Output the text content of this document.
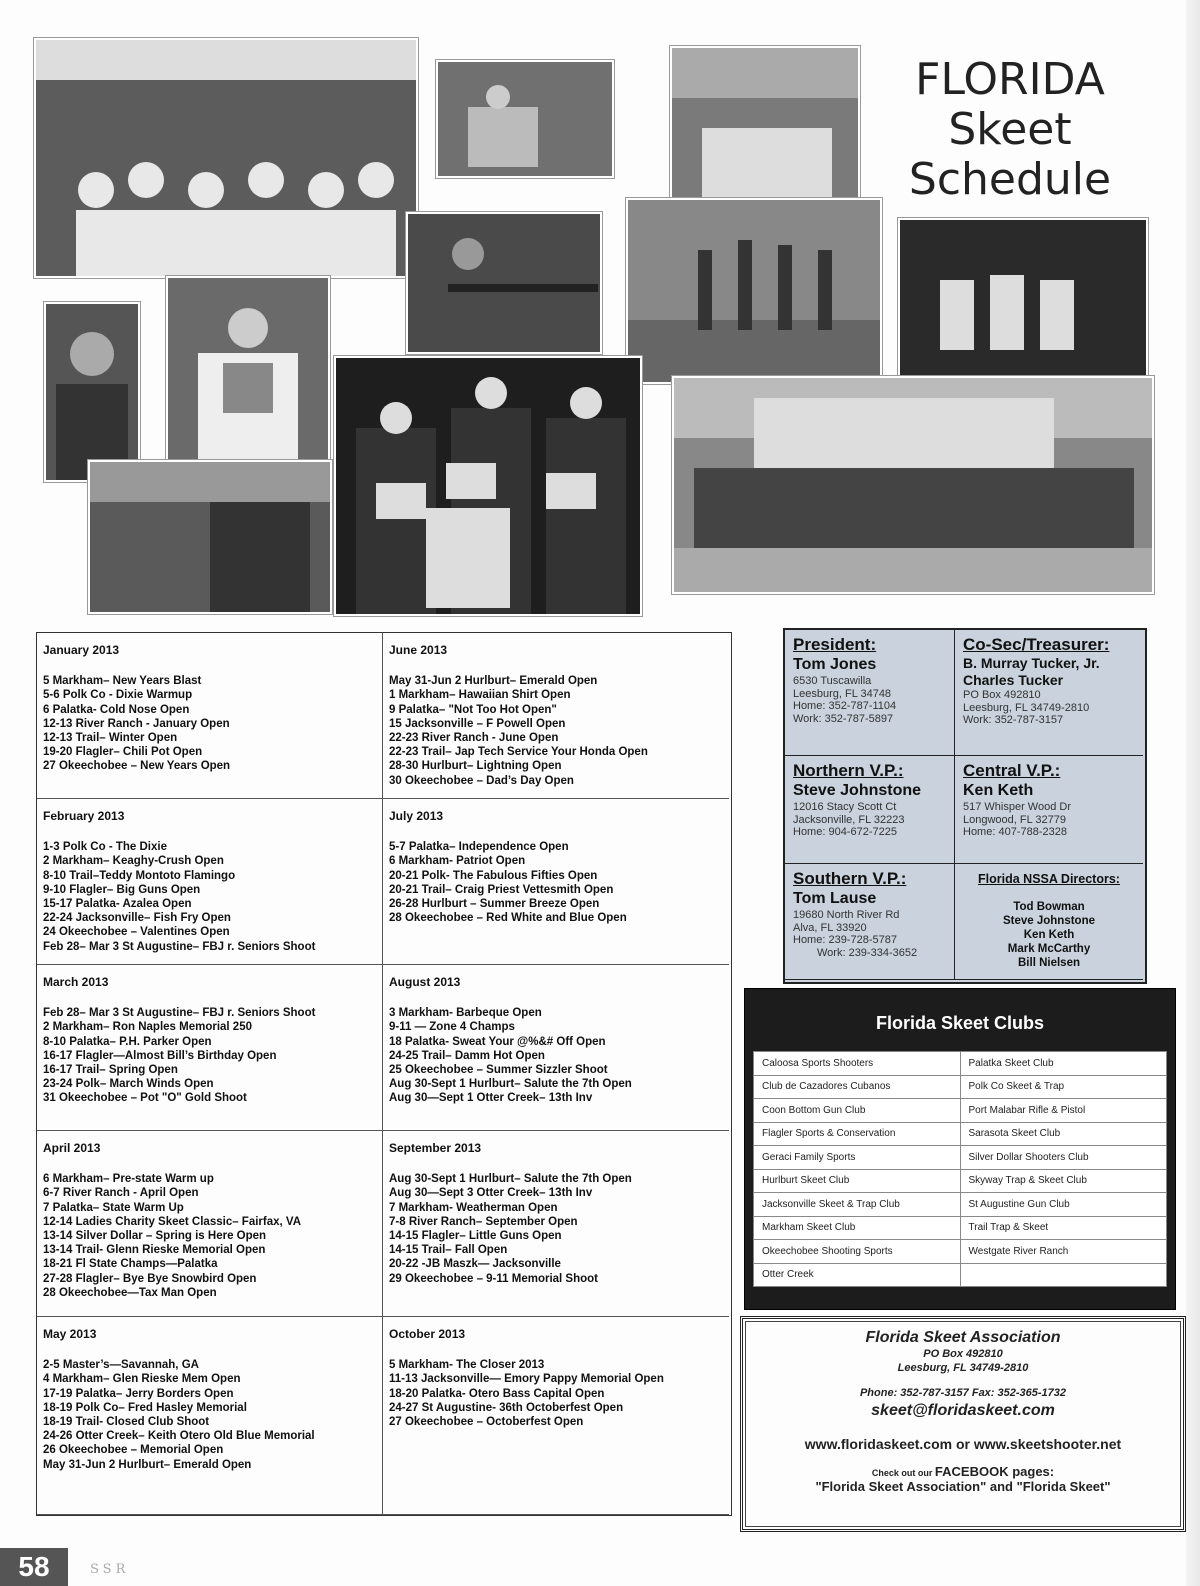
FLORIDA
Skeet
Schedule
January 2013
5 Markham– New Years Blast
5-6 Polk Co - Dixie Warmup
6 Palatka- Cold Nose Open
12-13 River Ranch - January Open
12-13 Trail– Winter Open
19-20 Flagler– Chili Pot Open
27 Okeechobee – New Years Open
June 2013
May 31-Jun 2 Hurlburt– Emerald Open
1 Markham– Hawaiian Shirt Open
9 Palatka– "Not Too Hot Open"
15 Jacksonville – F Powell Open
22-23 River Ranch - June Open
22-23 Trail– Jap Tech Service Your Honda Open
28-30 Hurlburt– Lightning Open
30 Okeechobee – Dad’s Day Open
February 2013
1-3 Polk Co - The Dixie
2 Markham– Keaghy-Crush Open
8-10 Trail–Teddy Montoto Flamingo
9-10 Flagler– Big Guns Open
15-17 Palatka- Azalea Open
22-24 Jacksonville– Fish Fry Open
24 Okeechobee – Valentines Open
Feb 28– Mar 3 St Augustine– FBJ r. Seniors Shoot
July 2013
5-7 Palatka– Independence Open
6 Markham- Patriot Open
20-21 Polk- The Fabulous Fifties Open
20-21 Trail– Craig Priest Vettesmith Open
26-28 Hurlburt – Summer Breeze Open
28 Okeechobee – Red White and Blue Open
March 2013
Feb 28– Mar 3 St Augustine– FBJ r. Seniors Shoot
2 Markham– Ron Naples Memorial 250
8-10 Palatka– P.H. Parker Open
16-17 Flagler—Almost Bill’s Birthday Open
16-17 Trail– Spring Open
23-24 Polk– March Winds Open
31 Okeechobee – Pot "O" Gold Shoot
August 2013
3 Markham- Barbeque Open
9-11 — Zone 4 Champs
18 Palatka- Sweat Your @%&# Off Open
24-25 Trail– Damm Hot Open
25 Okeechobee – Summer Sizzler Shoot
Aug 30-Sept 1 Hurlburt– Salute the 7th Open
Aug 30—Sept 1 Otter Creek– 13th Inv
April 2013
6 Markham– Pre-state Warm up
6-7 River Ranch - April Open
7 Palatka– State Warm Up
12-14 Ladies Charity Skeet Classic– Fairfax, VA
13-14 Silver Dollar – Spring is Here Open
13-14 Trail- Glenn Rieske Memorial Open
18-21 Fl State Champs—Palatka
27-28 Flagler– Bye Bye Snowbird Open
28 Okeechobee—Tax Man Open
September 2013
Aug 30-Sept 1 Hurlburt– Salute the 7th Open
Aug 30—Sept 3 Otter Creek– 13th Inv
7 Markham- Weatherman Open
7-8 River Ranch– September Open
14-15 Flagler– Little Guns Open
14-15 Trail– Fall Open
20-22 -JB Maszk— Jacksonville
29 Okeechobee – 9-11 Memorial Shoot
May 2013
2-5 Master’s—Savannah, GA
4 Markham– Glen Rieske Mem Open
17-19 Palatka– Jerry Borders Open
18-19 Polk Co– Fred Hasley Memorial
18-19 Trail- Closed Club Shoot
24-26 Otter Creek– Keith Otero Old Blue Memorial
26 Okeechobee – Memorial Open
May 31-Jun 2 Hurlburt– Emerald Open
October 2013
5 Markham- The Closer 2013
11-13 Jacksonville— Emory Pappy Memorial Open
18-20 Palatka- Otero Bass Capital Open
24-27 St Augustine- 36th Octoberfest Open
27 Okeechobee – Octoberfest Open
President:
Tom Jones
6530 Tuscawilla
Leesburg, FL 34748
Home: 352-787-1104
Work: 352-787-5897
Co-Sec/Treasurer:
B. Murray Tucker, Jr.
Charles Tucker
PO Box 492810
Leesburg, FL 34749-2810
Work: 352-787-3157
Northern V.P.:
Steve Johnstone
12016 Stacy Scott Ct
Jacksonville, FL 32223
Home: 904-672-7225
Central V.P.:
Ken Keth
517 Whisper Wood Dr
Longwood, FL 32779
Home: 407-788-2328
Southern V.P.:
Tom Lause
19680 North River Rd
Alva, FL 33920
Home: 239-728-5787
Work: 239-334-3652
Florida NSSA Directors:
Tod Bowman
Steve Johnstone
Ken Keth
Mark McCarthy
Bill Nielsen
Florida Skeet Clubs
Caloosa Sports Shooters	Palatka Skeet Club
Club de Cazadores Cubanos	Polk Co Skeet & Trap
Coon Bottom Gun Club	Port Malabar Rifle & Pistol
Flagler Sports & Conservation	Sarasota Skeet Club
Geraci Family Sports	Silver Dollar Shooters Club
Hurlburt Skeet Club	Skyway Trap & Skeet Club
Jacksonville Skeet & Trap Club	St Augustine Gun Club
Markham Skeet Club	Trail Trap & Skeet
Okeechobee Shooting Sports	Westgate River Ranch
Otter Creek	
Florida Skeet Association
PO Box 492810
Leesburg, FL 34749-2810
Phone: 352-787-3157 Fax: 352-365-1732
skeet@floridaskeet.com
www.floridaskeet.com or www.skeetshooter.net
Check out our FACEBOOK pages:
"Florida Skeet Association" and "Florida Skeet"
58	SSR
